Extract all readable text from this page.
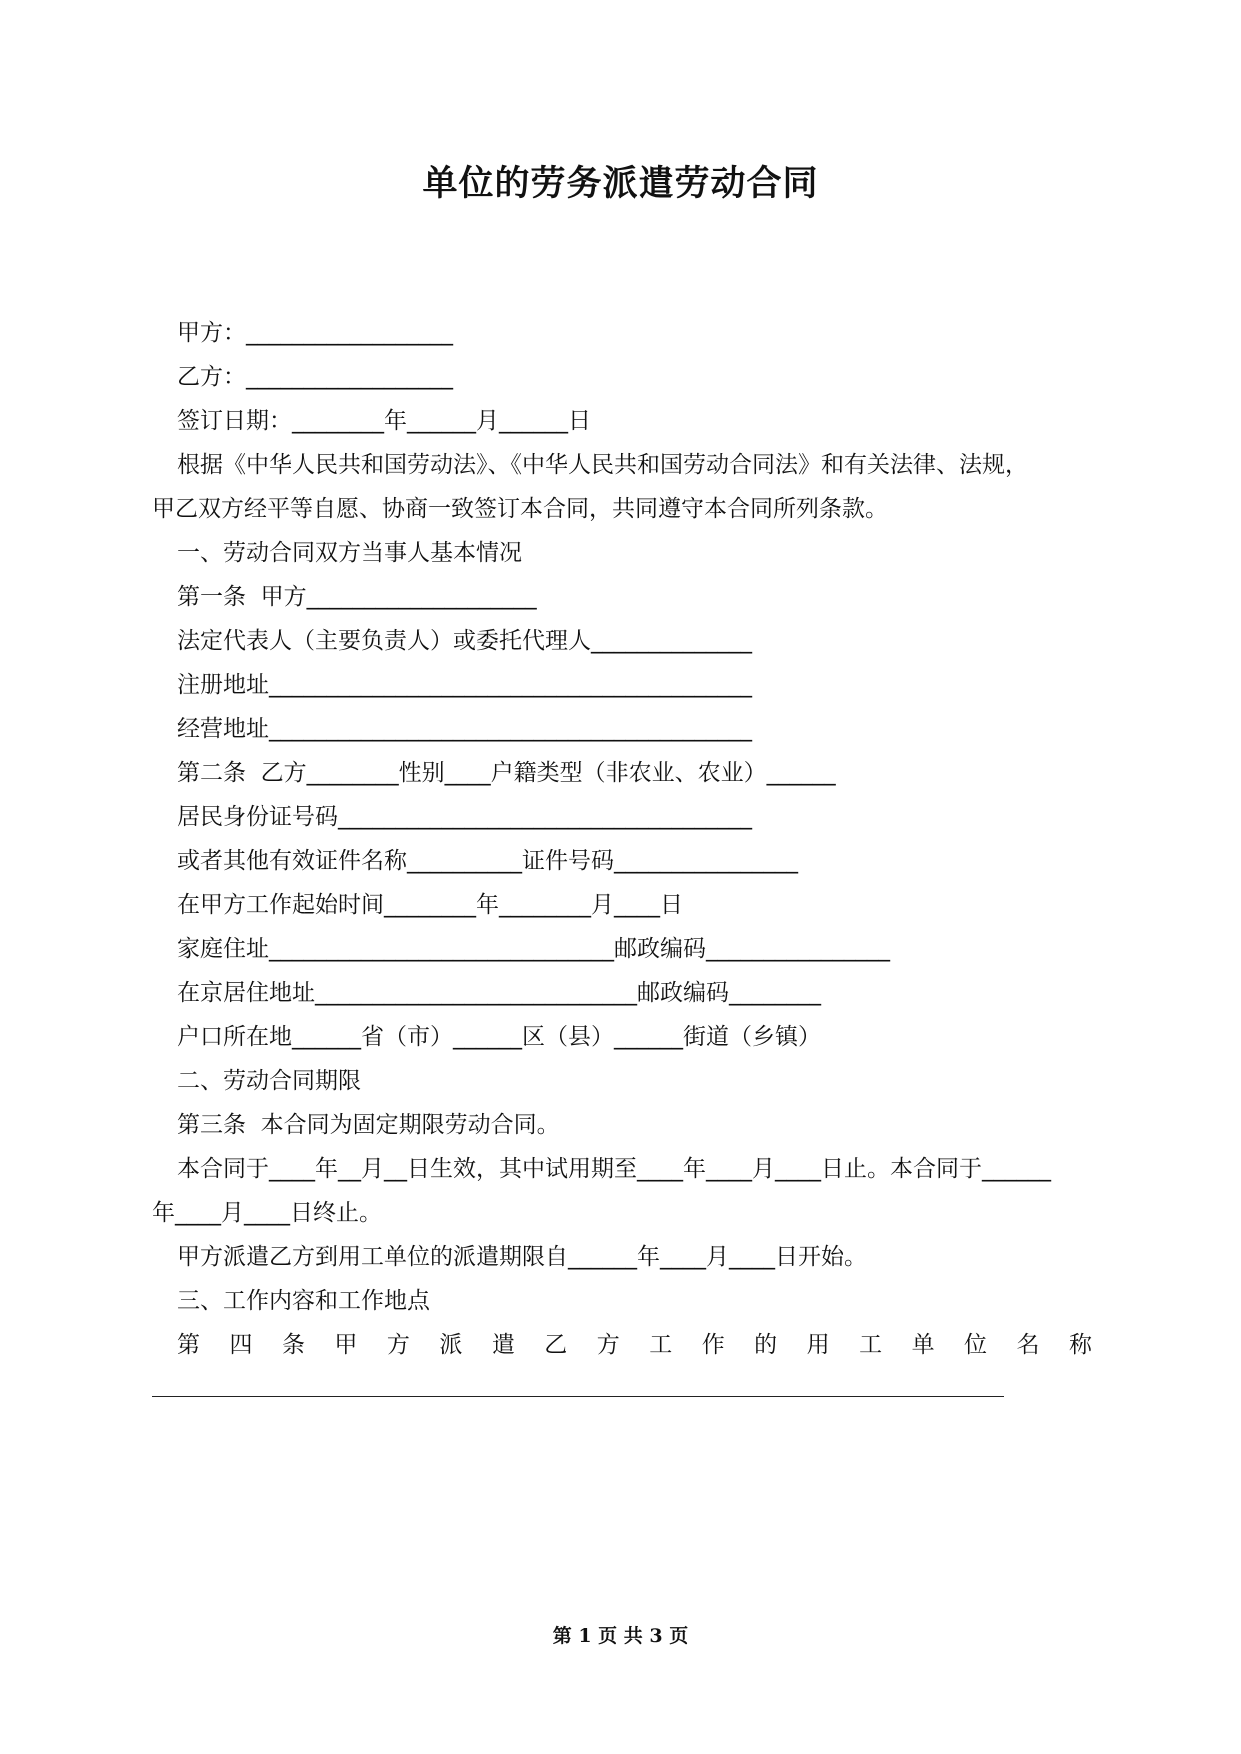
单位的劳务派遣劳动合同
甲方：__________________
乙方：__________________
签订日期：________年______月______日
根据《中华人民共和国劳动法》、《中华人民共和国劳动合同法》和有关法律、法规，
甲乙双方经平等自愿、协商一致签订本合同，共同遵守本合同所列条款。
一、劳动合同双方当事人基本情况
第一条  甲方____________________
法定代表人（主要负责人）或委托代理人______________
注册地址__________________________________________
经营地址__________________________________________
第二条  乙方________性别____户籍类型（非农业、农业）______
居民身份证号码____________________________________
或者其他有效证件名称__________证件号码________________
在甲方工作起始时间________年________月____日
家庭住址______________________________邮政编码________________
在京居住地址____________________________邮政编码________
户口所在地______省（市）______区（县）______街道（乡镇）
二、劳动合同期限
第三条  本合同为固定期限劳动合同。
本合同于____年__月__日生效，其中试用期至____年____月____日止。本合同于______
年____月____日终止。
甲方派遣乙方到用工单位的派遣期限自______年____月____日开始。
三、工作内容和工作地点
第 四 条 甲 方 派 遣 乙 方 工 作 的 用 工 单 位 名 称
第 1 页 共 3 页
